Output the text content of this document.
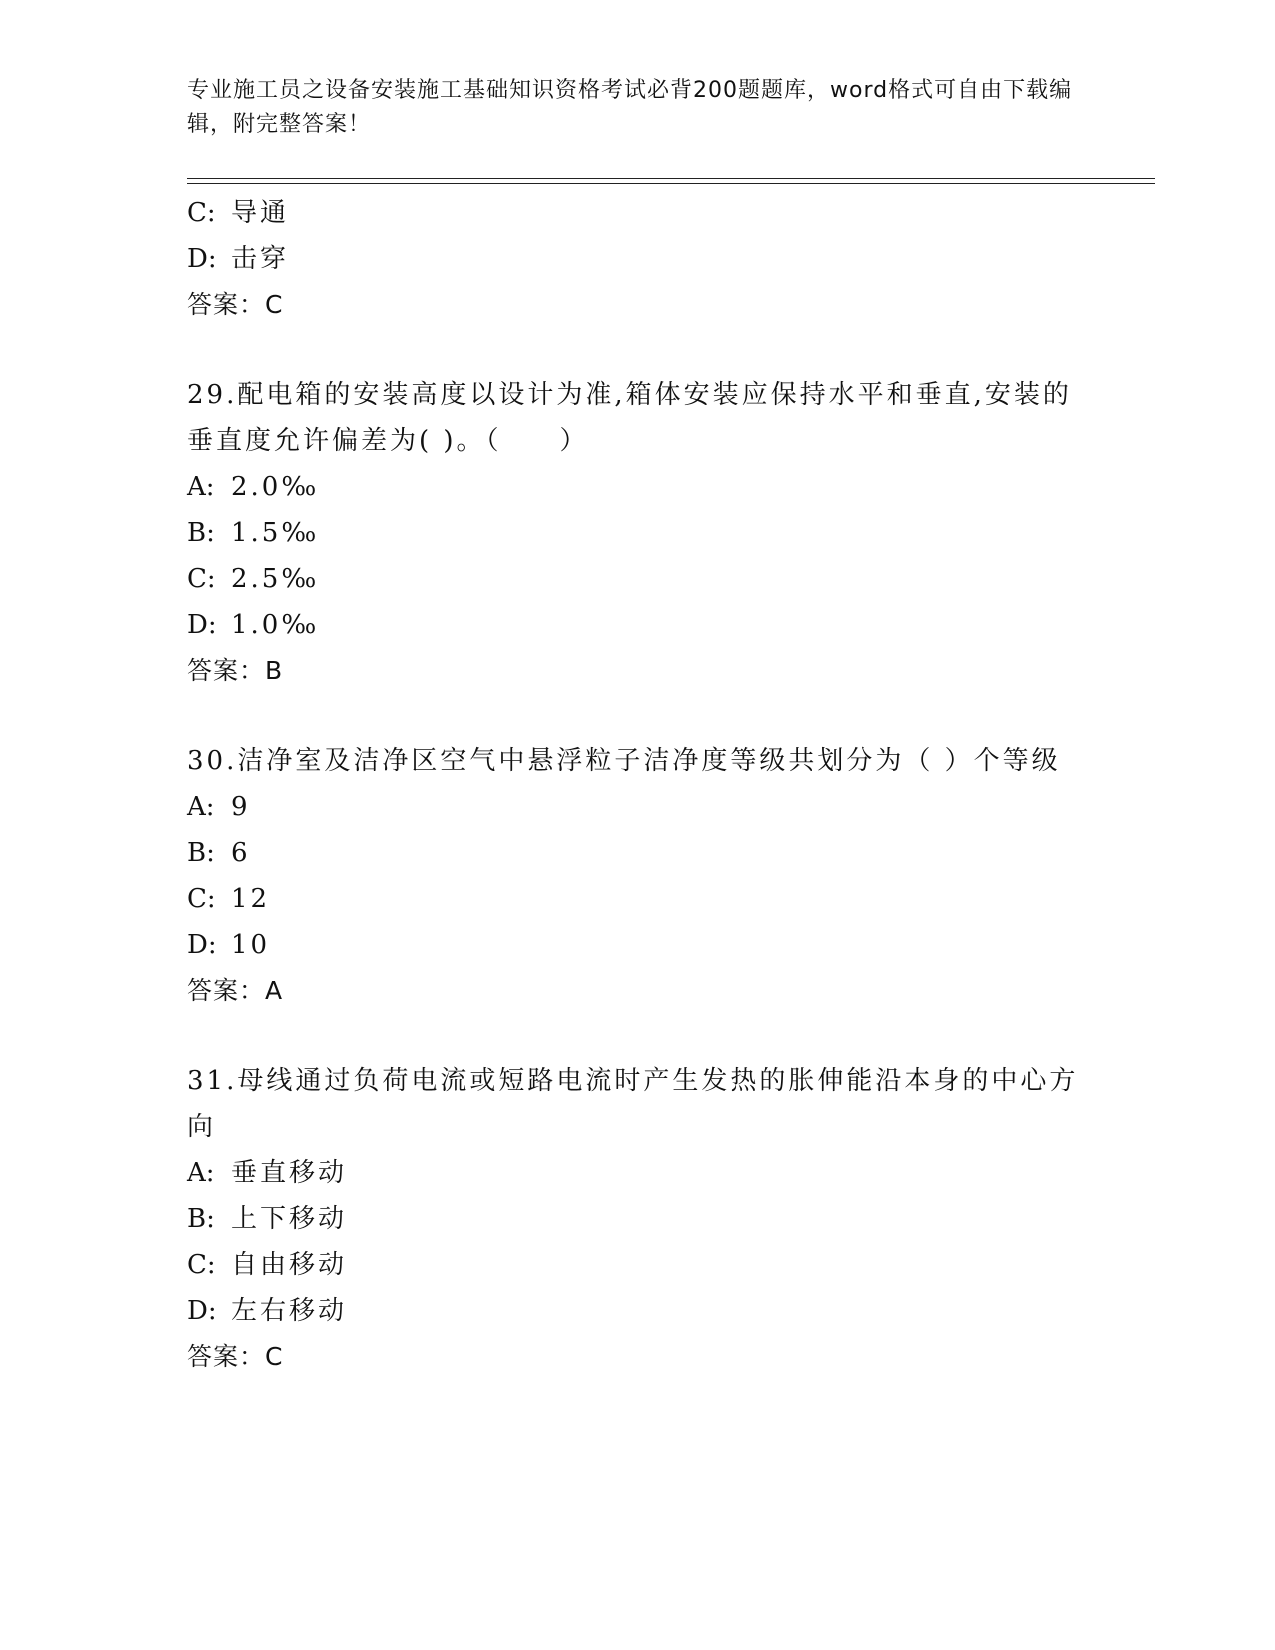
专业施工员之设备安装施工基础知识资格考试必背200题题库，word格式可自由下载编辑，附完整答案！
C: 导通
D: 击穿
答案：C
29.配电箱的安装高度以设计为准,箱体安装应保持水平和垂直,安装的垂直度允许偏差为( )。（　　）
A: 2.0‰
B: 1.5‰
C: 2.5‰
D: 1.0‰
答案：B
30.洁净室及洁净区空气中悬浮粒子洁净度等级共划分为（ ）个等级
A: 9
B: 6
C: 12
D: 10
答案：A
31.母线通过负荷电流或短路电流时产生发热的胀伸能沿本身的中心方向
A: 垂直移动
B: 上下移动
C: 自由移动
D: 左右移动
答案：C
